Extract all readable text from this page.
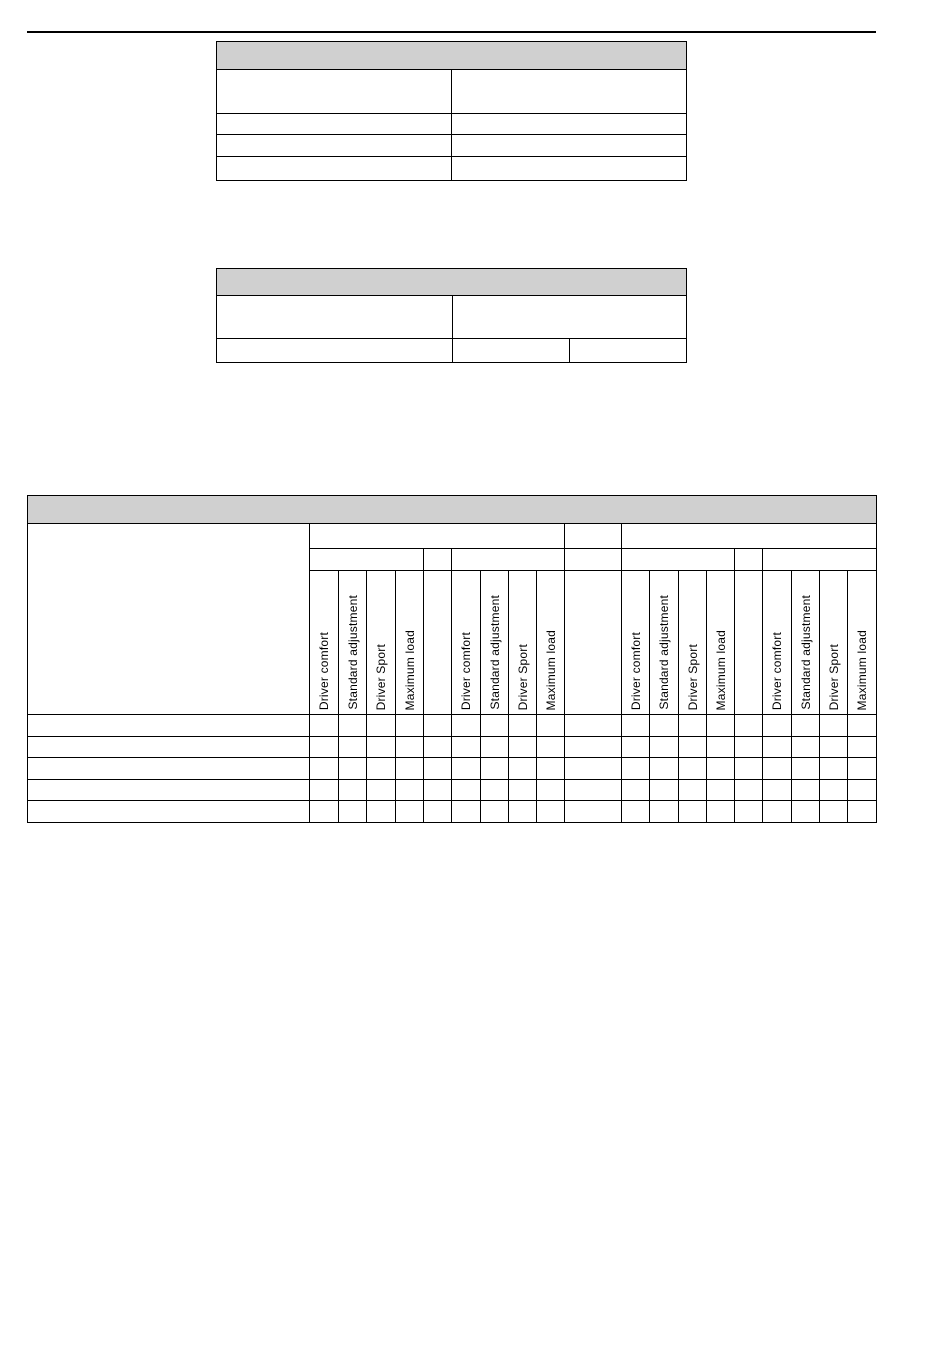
	Driver comfort	Standard adjustment	Driver Sport	Maximum load		Driver comfort	Standard adjustment	Driver Sport	Maximum load		Driver comfort	Standard adjustment	Driver Sport	Maximum load		Driver comfort	Standard adjustment	Driver Sport	Maximum load
